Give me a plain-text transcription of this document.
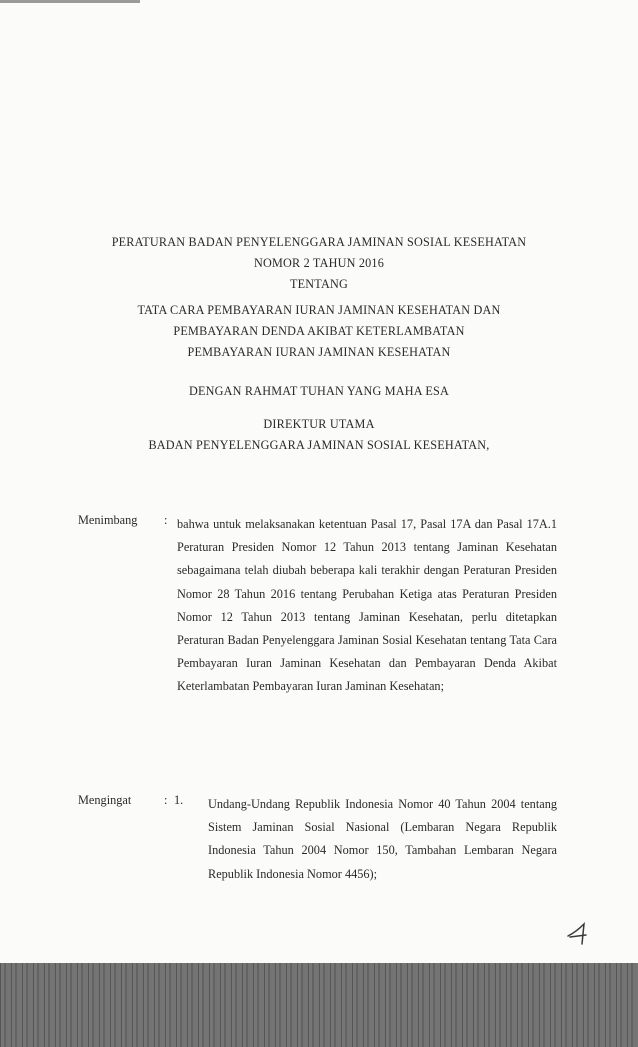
PERATURAN BADAN PENYELENGGARA JAMINAN SOSIAL KESEHATAN
NOMOR 2 TAHUN 2016
TENTANG
TATA CARA PEMBAYARAN IURAN JAMINAN KESEHATAN DAN
PEMBAYARAN DENDA AKIBAT KETERLAMBATAN
PEMBAYARAN IURAN JAMINAN KESEHATAN
DENGAN RAHMAT TUHAN YANG MAHA ESA
DIREKTUR UTAMA
BADAN PENYELENGGARA JAMINAN SOSIAL KESEHATAN,
Menimbang : bahwa untuk melaksanakan ketentuan Pasal 17, Pasal 17A dan Pasal 17A.1 Peraturan Presiden Nomor 12 Tahun 2013 tentang Jaminan Kesehatan sebagaimana telah diubah beberapa kali terakhir dengan Peraturan Presiden Nomor 28 Tahun 2016 tentang Perubahan Ketiga atas Peraturan Presiden Nomor 12 Tahun 2013 tentang Jaminan Kesehatan, perlu ditetapkan Peraturan Badan Penyelenggara Jaminan Sosial Kesehatan tentang Tata Cara Pembayaran Iuran Jaminan Kesehatan dan Pembayaran Denda Akibat Keterlambatan Pembayaran Iuran Jaminan Kesehatan;
Mengingat	: 1. Undang-Undang Republik Indonesia Nomor 40 Tahun 2004 tentang Sistem Jaminan Sosial Nasional (Lembaran Negara Republik Indonesia Tahun 2004 Nomor 150, Tambahan Lembaran Negara Republik Indonesia Nomor 4456);
